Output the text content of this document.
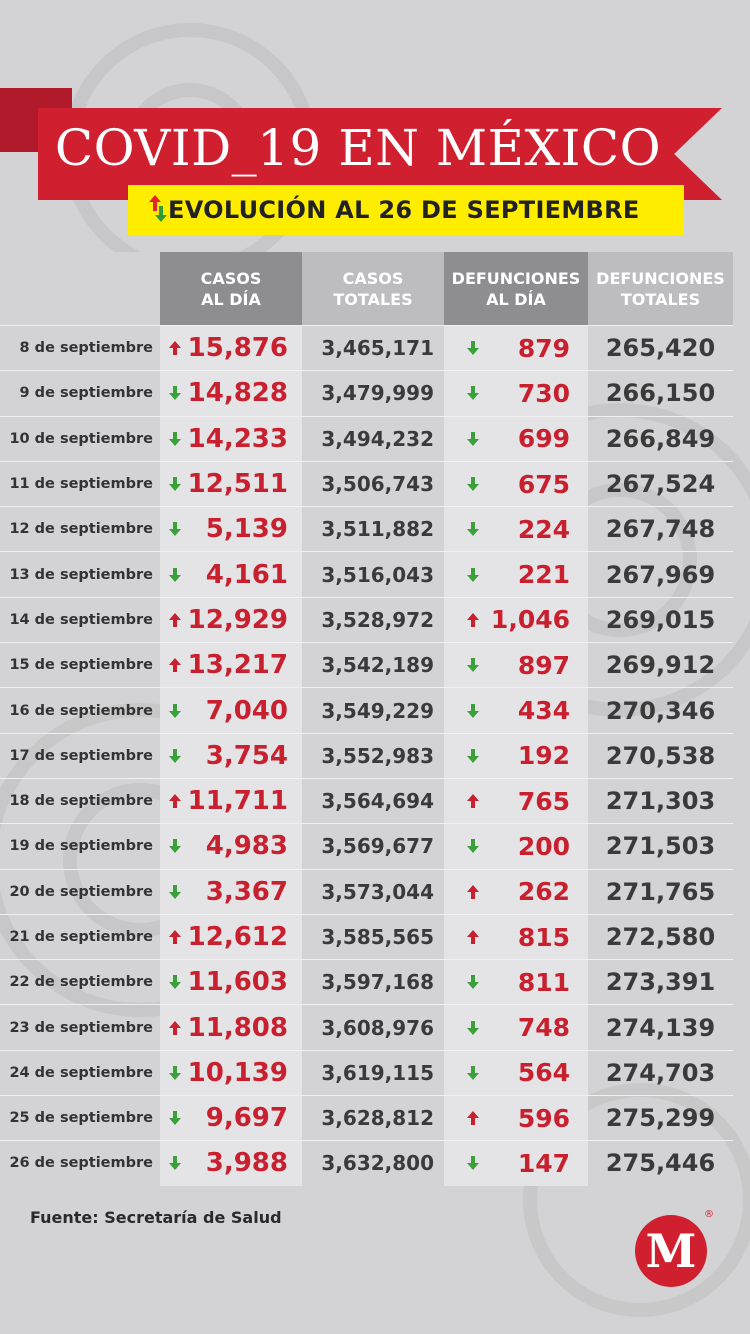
COVID_19 EN MÉXICO
EVOLUCIÓN AL 26 DE SEPTIEMBRE
CASOS
AL DÍA
CASOS
TOTALES
DEFUNCIONES
AL DÍA
DEFUNCIONES
TOTALES
8 de septiembre 15,876	3,465,171	879	265,420
9 de septiembre 14,828	3,479,999	730	266,150
10 de septiembre 14,233	3,494,232	699	266,849
11 de septiembre 12,511	3,506,743	675	267,524
12 de septiembre 5,139	3,511,882	224	267,748
13 de septiembre 4,161	3,516,043	221	267,969
14 de septiembre 12,929	3,528,972	1,046	269,015
15 de septiembre 13,217	3,542,189	897	269,912
16 de septiembre 7,040	3,549,229	434	270,346
17 de septiembre 3,754	3,552,983	192	270,538
18 de septiembre 11,711	3,564,694	765	271,303
19 de septiembre 4,983	3,569,677	200	271,503
20 de septiembre 3,367	3,573,044	262	271,765
21 de septiembre 12,612	3,585,565	815	272,580
22 de septiembre 11,603	3,597,168	811	273,391
23 de septiembre 11,808	3,608,976	748	274,139
24 de septiembre 10,139	3,619,115	564	274,703
25 de septiembre 9,697	3,628,812	596	275,299
26 de septiembre 3,988	3,632,800	147	275,446
Fuente: Secretaría de Salud
M
®
